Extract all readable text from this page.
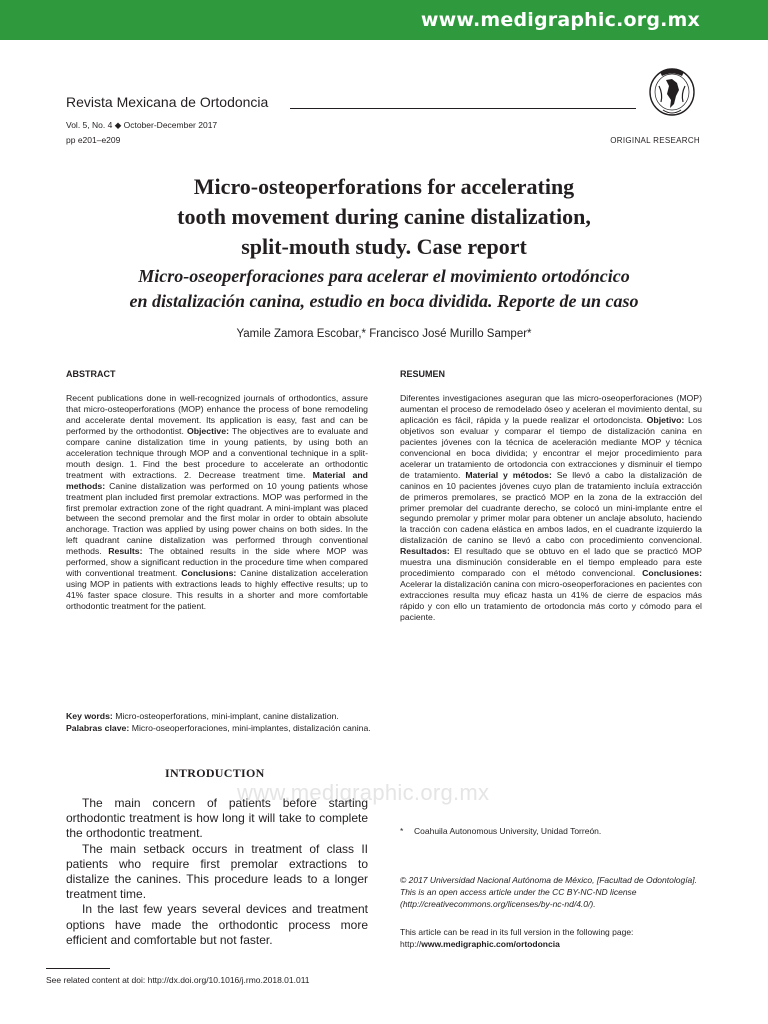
www.medigraphic.org.mx
Revista Mexicana de Ortodoncia
Vol. 5, No. 4 ◆ October-December 2017
pp e201–e209	ORIGINAL RESEARCH
Micro-osteoperforations for accelerating
tooth movement during canine distalization,
split-mouth study. Case report
Micro-oseoperforaciones para acelerar el movimiento ortodóncico
en distalización canina, estudio en boca dividida. Reporte de un caso
Yamile Zamora Escobar,* Francisco José Murillo Samper*
ABSTRACT
Recent publications done in well-recognized journals of orthodontics, assure that micro-osteoperforations (MOP) enhance the process of bone remodeling and accelerate dental movement. Its application is easy, fast and can be performed by the orthodontist. Objective: The objectives are to evaluate and compare canine distalization time in young patients, by using both an acceleration technique through MOP and a conventional technique in a split-mouth design. 1. Find the best procedure to accelerate an orthodontic treatment with extractions. 2. Decrease treatment time. Material and methods: Canine distalization was performed on 10 young patients whose treatment plan included first premolar extractions. MOP was performed in the first premolar extraction zone of the right quadrant. A mini-implant was placed between the second premolar and the first molar in order to obtain absolute anchorage. Traction was applied by using power chains on both sides. In the left quadrant canine distalization was performed through conventional methods. Results: The obtained results in the side where MOP was performed, show a significant reduction in the procedure time when compared with conventional treatment. Conclusions: Canine distalization acceleration using MOP in patients with extractions leads to highly effective results; up to 41% faster space closure. This results in a shorter and more comfortable orthodontic treatment for the patient.
RESUMEN
Diferentes investigaciones aseguran que las micro-oseoperforaciones (MOP) aumentan el proceso de remodelado óseo y aceleran el movimiento dental, su aplicación es fácil, rápida y la puede realizar el ortodoncista. Objetivo: Los objetivos son evaluar y comparar el tiempo de distalización canina en pacientes jóvenes con la técnica de aceleración mediante MOP y técnica convencional en boca dividida; y encontrar el mejor procedimiento para acelerar un tratamiento de ortodoncia con extracciones y disminuir el tiempo de tratamiento. Material y métodos: Se llevó a cabo la distalización de caninos en 10 pacientes jóvenes cuyo plan de tratamiento incluía extracción de primeros premolares, se practicó MOP en la zona de la extracción del primer premolar del cuadrante derecho, se colocó un mini-implante entre el segundo premolar y primer molar para obtener un anclaje absoluto, haciendo la tracción con cadena elástica en ambos lados, en el cuadrante izquierdo la distalización de canino se llevó a cabo con procedimiento convencional. Resultados: El resultado que se obtuvo en el lado que se practicó MOP muestra una disminución considerable en el tiempo empleado para este procedimiento comparado con el método convencional. Conclusiones: Acelerar la distalización canina con micro-oseoperforaciones en pacientes con extracciones resulta muy eficaz hasta un 41% de cierre de espacios más rápido y con ello un tratamiento de ortodoncia más corto y cómodo para el paciente.
Key words: Micro-osteoperforations, mini-implant, canine distalization.
Palabras clave: Micro-oseoperforaciones, mini-implantes, distalización canina.
www.medigraphic.org.mx
INTRODUCTION

The main concern of patients before starting orthodontic treatment is how long it will take to complete the orthodontic treatment.

The main setback occurs in treatment of class II patients who require first premolar extractions to distalize the canines. This procedure leads to a longer treatment time.

In the last few years several devices and treatment options have made the orthodontic process more efficient and comfortable but not faster.

* Coahuila Autonomous University, Unidad Torreón.
© 2017 Universidad Nacional Autónoma de México, [Facultad de Odontología]. This is an open access article under the CC BY-NC-ND license (http://creativecommons.org/licenses/by-nc-nd/4.0/).
This article can be read in its full version in the following page:
http://www.medigraphic.com/ortodoncia
See related content at doi: http://dx.doi.org/10.1016/j.rmo.2018.01.011
